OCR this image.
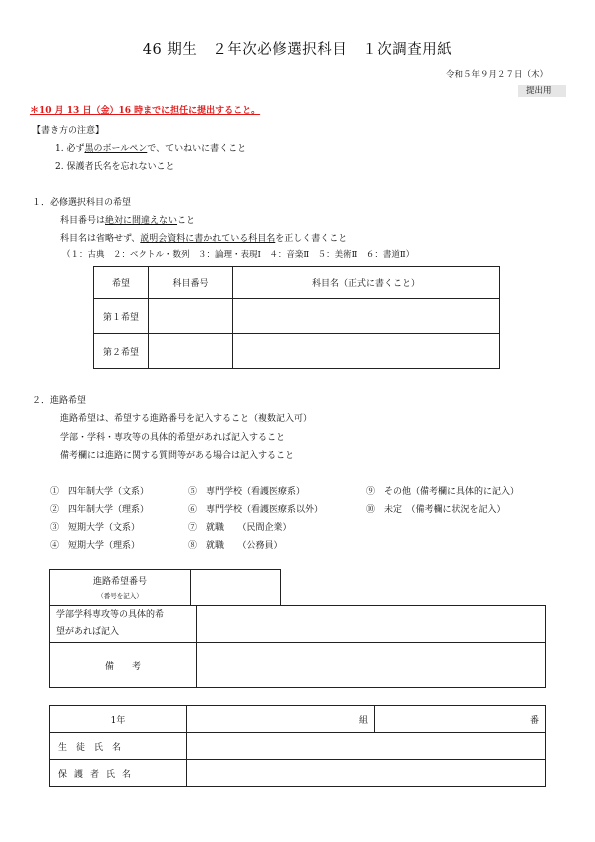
46 期生　２年次必修選択科目　１次調査用紙
令和５年９月２７日（木）
提出用
＊10 月 13 日（金）16 時までに担任に提出すること。
【書き方の注意】
1. 必ず黒のボールペンで、ていねいに書くこと
2. 保護者氏名を忘れないこと
１．必修選択科目の希望
科目番号は絶対に間違えないこと
科目名は省略せず、説明会資料に書かれている科目名を正しく書くこと
（１：古典　２：ベクトル・数列　３：論理・表現Ⅰ　４：音楽Ⅱ　５：美術Ⅱ　６：書道Ⅱ）
希望	科目番号	科目名（正式に書くこと）
第１希望		
第２希望		
２．進路希望
進路希望は、希望する進路番号を記入すること（複数記入可）
学部・学科・専攻等の具体的希望があれば記入すること
備考欄には進路に関する質問等がある場合は記入すること
①　四年制大学（文系）	⑤　専門学校（看護医療系）	⑨　その他（備考欄に具体的に記入）
②　四年制大学（理系）	⑥　専門学校（看護医療系以外）	⑩　未定　（備考欄に状況を記入）
③　短期大学（文系）	⑦　就職　　（民間企業）
④　短期大学（理系）	⑧　就職　　（公務員）
進路希望番号
（番号を記入）
学部学科専攻等の具体的希
望があれば記入	

備　　考	
1年	組	番
生徒氏名		
保護者氏名		
